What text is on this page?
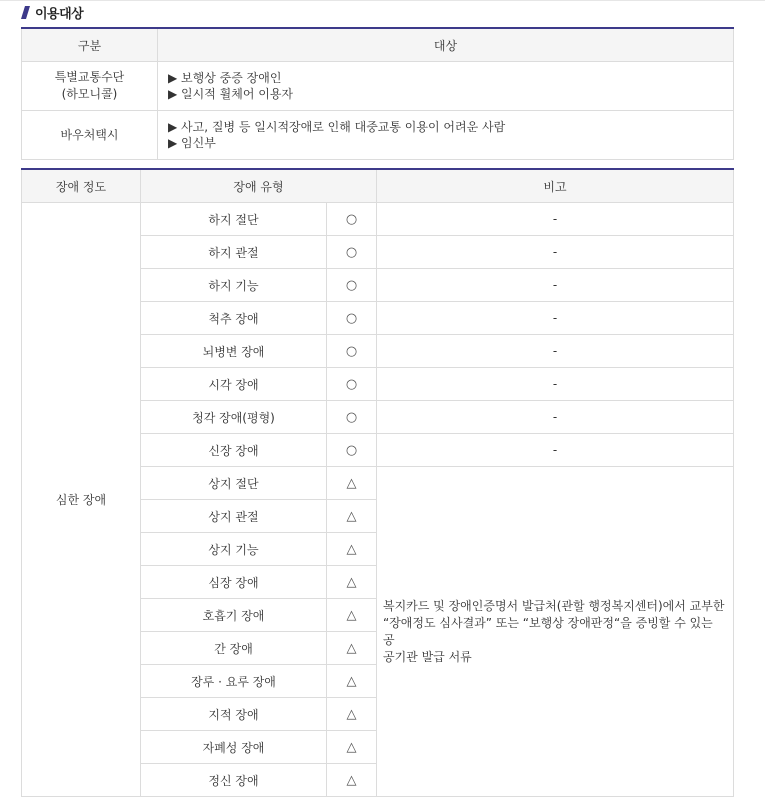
이용대상
구분	대상

특별교통수단
(하모니콜)	▶ 보행상 중증 장애인
▶ 일시적 휠체어 이용자

바우처택시	▶ 사고, 질병 등 일시적장애로 인해 대중교통 이용이 어려운 사람
▶ 임신부
장애 정도	장애 유형		비고
심한 장애	하지 절단	○	-
	하지 관절	○	-
	하지 기능	○	-
	척추 장애	○	-
	뇌병변 장애	○	-
	시각 장애	○	-
	청각 장애(평형)	○	-
	신장 장애	○	-
	상지 절단	△	복지카드 및 장애인증명서 발급처(관할 행정복지센터)에서 교부한
“장애정도 심사결과” 또는 “보행상 장애판정“을 증빙할 수 있는 공
공기관 발급 서류

	상지 관절	△	
	상지 기능	△	
	심장 장애	△	
	호흡기 장애	△	
	간 장애	△	
	장루 · 요루 장애	△	
	지적 장애	△	
	자폐성 장애	△	
	정신 장애	△	
